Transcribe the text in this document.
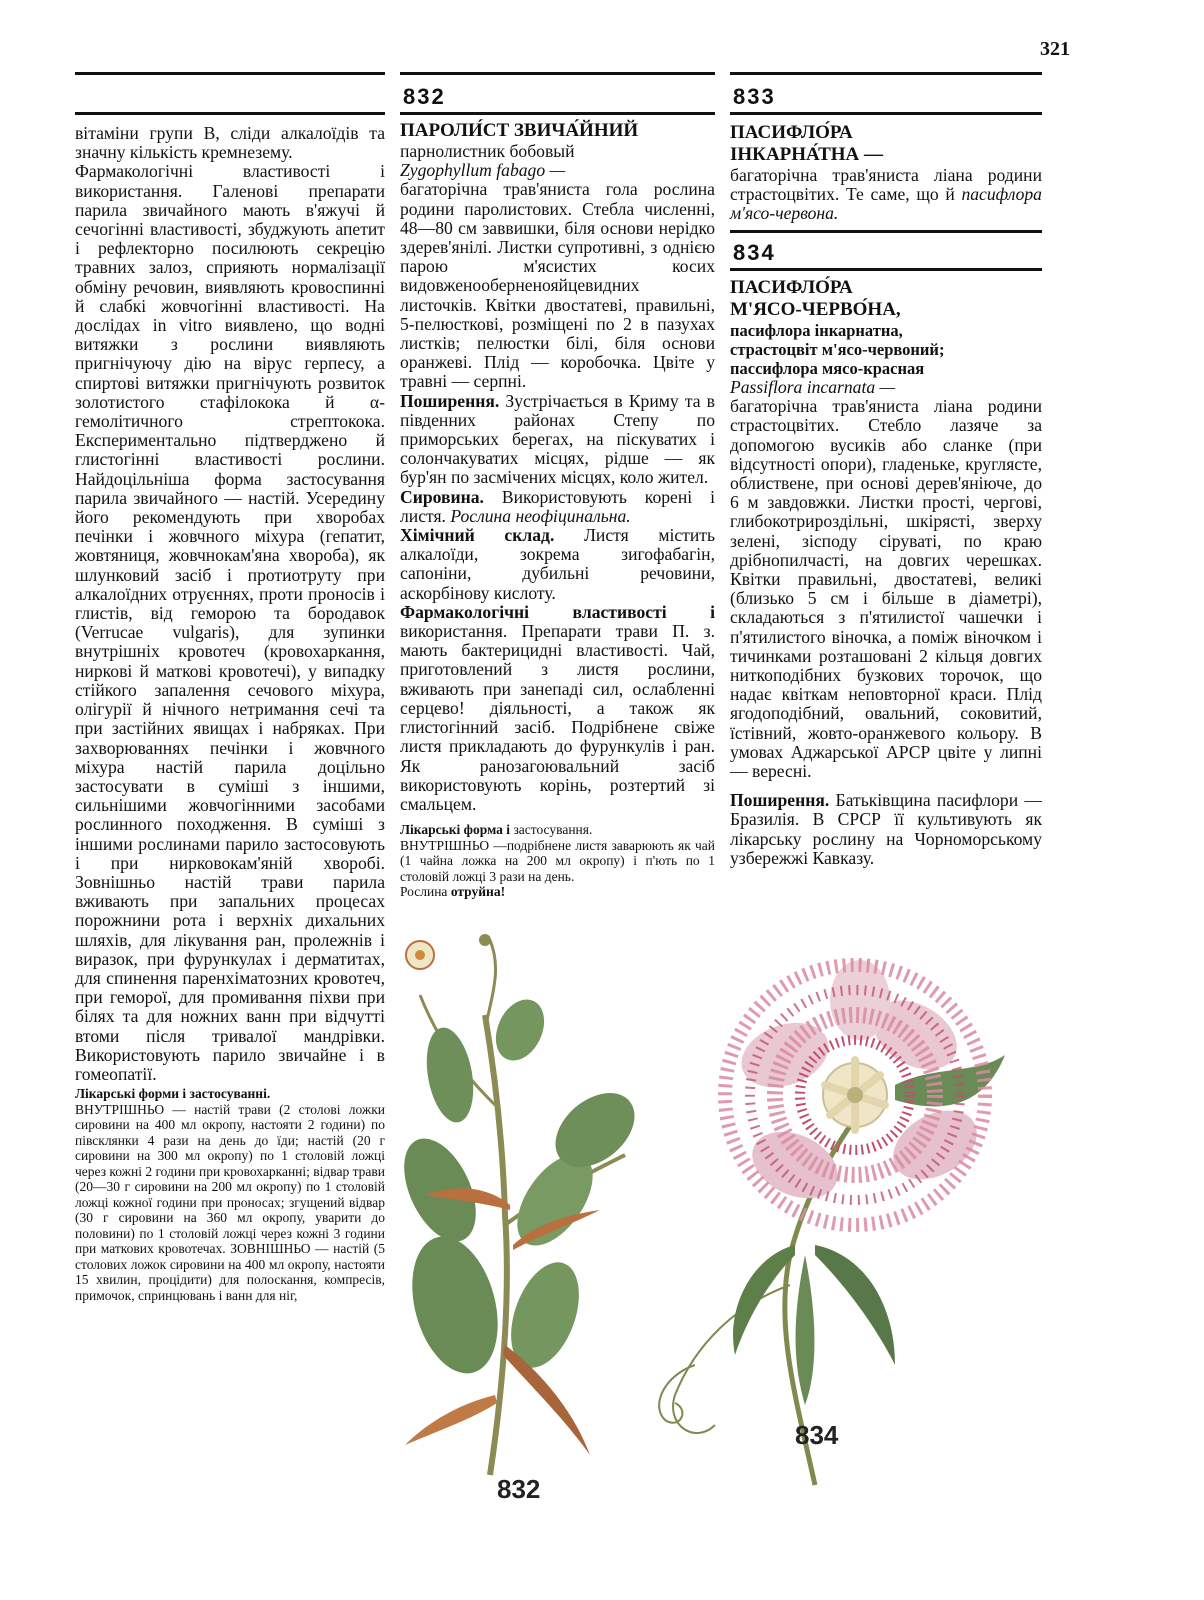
321
832	833

вітаміни групи В, сліди алкалоїдів та значну кількість кремнезему.

Фармакологічні властивості і використання. Галенові препарати парила звичайного мають в'яжучі й сечогінні властивості, збуджують апетит і рефлекторно посилюють секрецію травних залоз, сприяють нормалізації обміну речовин, виявляють кровоспинні й слабкі жовчогінні властивості. На дослідах in vitro виявлено, що водні витяжки з рослини виявляють пригнічуючу дію на вірус герпесу, а спиртові витяжки пригнічують розвиток золотистого стафілокока й α-гемолітичного стрептокока. Експериментально підтверджено й глистогінні властивості рослини. Найдоцільніша форма застосування парила звичайного — настій. Усередину його рекомендують при хворобах печінки і жовчного міхура (гепатит, жовтяниця, жовчнокам'яна хвороба), як шлунковий засіб і протиотруту при алкалоїдних отруєннях, проти проносів і глистів, від геморою та бородавок (Verrucae vulgaris), для зупинки внутрішніх кровотеч (кровохаркання, ниркові й маткові кровотечі), у випадку стійкого запалення сечового міхура, олігурії й нічного нетримання сечі та при застійних явищах і набряках. При захворюваннях печінки і жовчного міхура настій парила доцільно застосувати в суміші з іншими, сильнішими жовчогінними засобами рослинного походження. В суміші з іншими рослинами парило застосовують і при нирковокам'яній хворобі. Зовнішньо настій трави парила вживають при запальних процесах порожнини рота і верхніх дихальних шляхів, для лікування ран, пролежнів і виразок, при фурункулах і дерматитах, для спинення паренхіматозних кровотеч, при геморої, для промивання піхви при білях та для ножних ванн при відчутті втоми після тривалої мандрівки. Використовують парило звичайне і в гомеопатії.

Лікарські форми і застосуванні.
ВНУТРІШНЬО — настій трави (2 столові ложки сировини на 400 мл окропу, настояти 2 години) по півсклянки 4 рази на день до їди; настій (20 г сировини на 300 мл окропу) по 1 столовій ложці через кожні 2 години при кровохарканні; відвар трави (20—30 г сировини на 200 мл окропу) по 1 столовій ложці кожної години при проносах; згущений відвар (30 г сировини на 360 мл окропу, уварити до половини) по 1 столовій ложці через кожні 3 години при маткових кровотечах. ЗОВНІШНЬО — настій (5 столових ложок сировини на 400 мл окропу, настояти 15 хвилин, процідити) для полоскання, компресів, примочок, спринцювань і ванн для ніг,
ПАРОЛИ́СТ ЗВИЧА́ЙНИЙ
парнолистник бобовый
Zygophyllum fabago —

багаторічна трав'яниста гола рослина родини паролистових. Стебла численні, 48—80 см заввишки, біля основи нерідко здерев'янілі. Листки супротивні, з однією парою м'ясистих косих видовженооберненояйцевидних листочків. Квітки двостатеві, правильні, 5-пелюсткові, розміщені по 2 в пазухах листків; пелюстки білі, біля основи оранжеві. Плід — коробочка. Цвіте у травні — серпні.

Поширення. Зустрічається в Криму та в південних районах Степу по приморських берегах, на піскуватих і солончакуватих місцях, рідше — як бур'ян по засмічених місцях, коло жител.

Сировина. Використовують корені і листя. Рослина неофіцинальна.

Хімічний склад. Листя містить алкалоїди, зокрема зигофабагін, сапоніни, дубильні речовини, аскорбінову кислоту.

Фармакологічні властивості і використання. Препарати трави П. з. мають бактерицидні властивості. Чай, приготовлений з листя рослини, вживають при занепаді сил, ослабленні серцево! діяльності, а також як глистогінний засіб. Подрібнене свіже листя прикладають до фурункулів і ран. Як ранозагоювальний засіб використовують корінь, розтертий зі смальцем.

Лікарські форма і застосування.
ВНУТРІШНЬО —подрібнене листя заварюють як чай (1 чайна ложка на 200 мл окропу) і п'ють по 1 столовій ложці 3 рази на день.
Рослина отруйна!
ПАСИФЛО́РА
ІНКАРНА́ТНА —

багаторічна трав'яниста ліана родини страстоцвітих. Те саме, що й пасифлора м'ясо-червона.

834
ПАСИФЛО́РА
М'ЯСО-ЧЕРВО́НА,
пасифлора інкарнатна,
страстоцвіт м'ясо-червоний;
пассифлора мясо-красная
Passiflora incarnata —

багаторічна трав'яниста ліана родини страстоцвітих. Стебло лазяче за допомогою вусиків або сланке (при відсутності опори), гладеньке, кругляcте, облиственe, при основі дерев'яніюче, до 6 м завдовжки. Листки прості, чергові, глибокотрироздільні, шкірясті, зверху зелені, зісподу сіруваті, по краю дрібнопилчасті, на довгих черешках. Квітки правильні, двостатеві, великі (близько 5 см і більше в діаметрі), складаються з п'ятилистої чашечки і п'ятилистого віночка, а поміж віночком і тичинками розташовані 2 кільця довгих ниткоподібних бузкових торочок, що надає квіткам неповторної краси. Плід ягодоподібний, овальний, соковитий, їстівний, жовто-оранжевого кольору. В умовах Аджарської АРСР цвіте у липні — вересні.

Поширення. Батьківщина пасифлори — Бразилія. В СРСР її культивують як лікарську рослину на Чорноморському узбережжі Кавказу.

832
834
